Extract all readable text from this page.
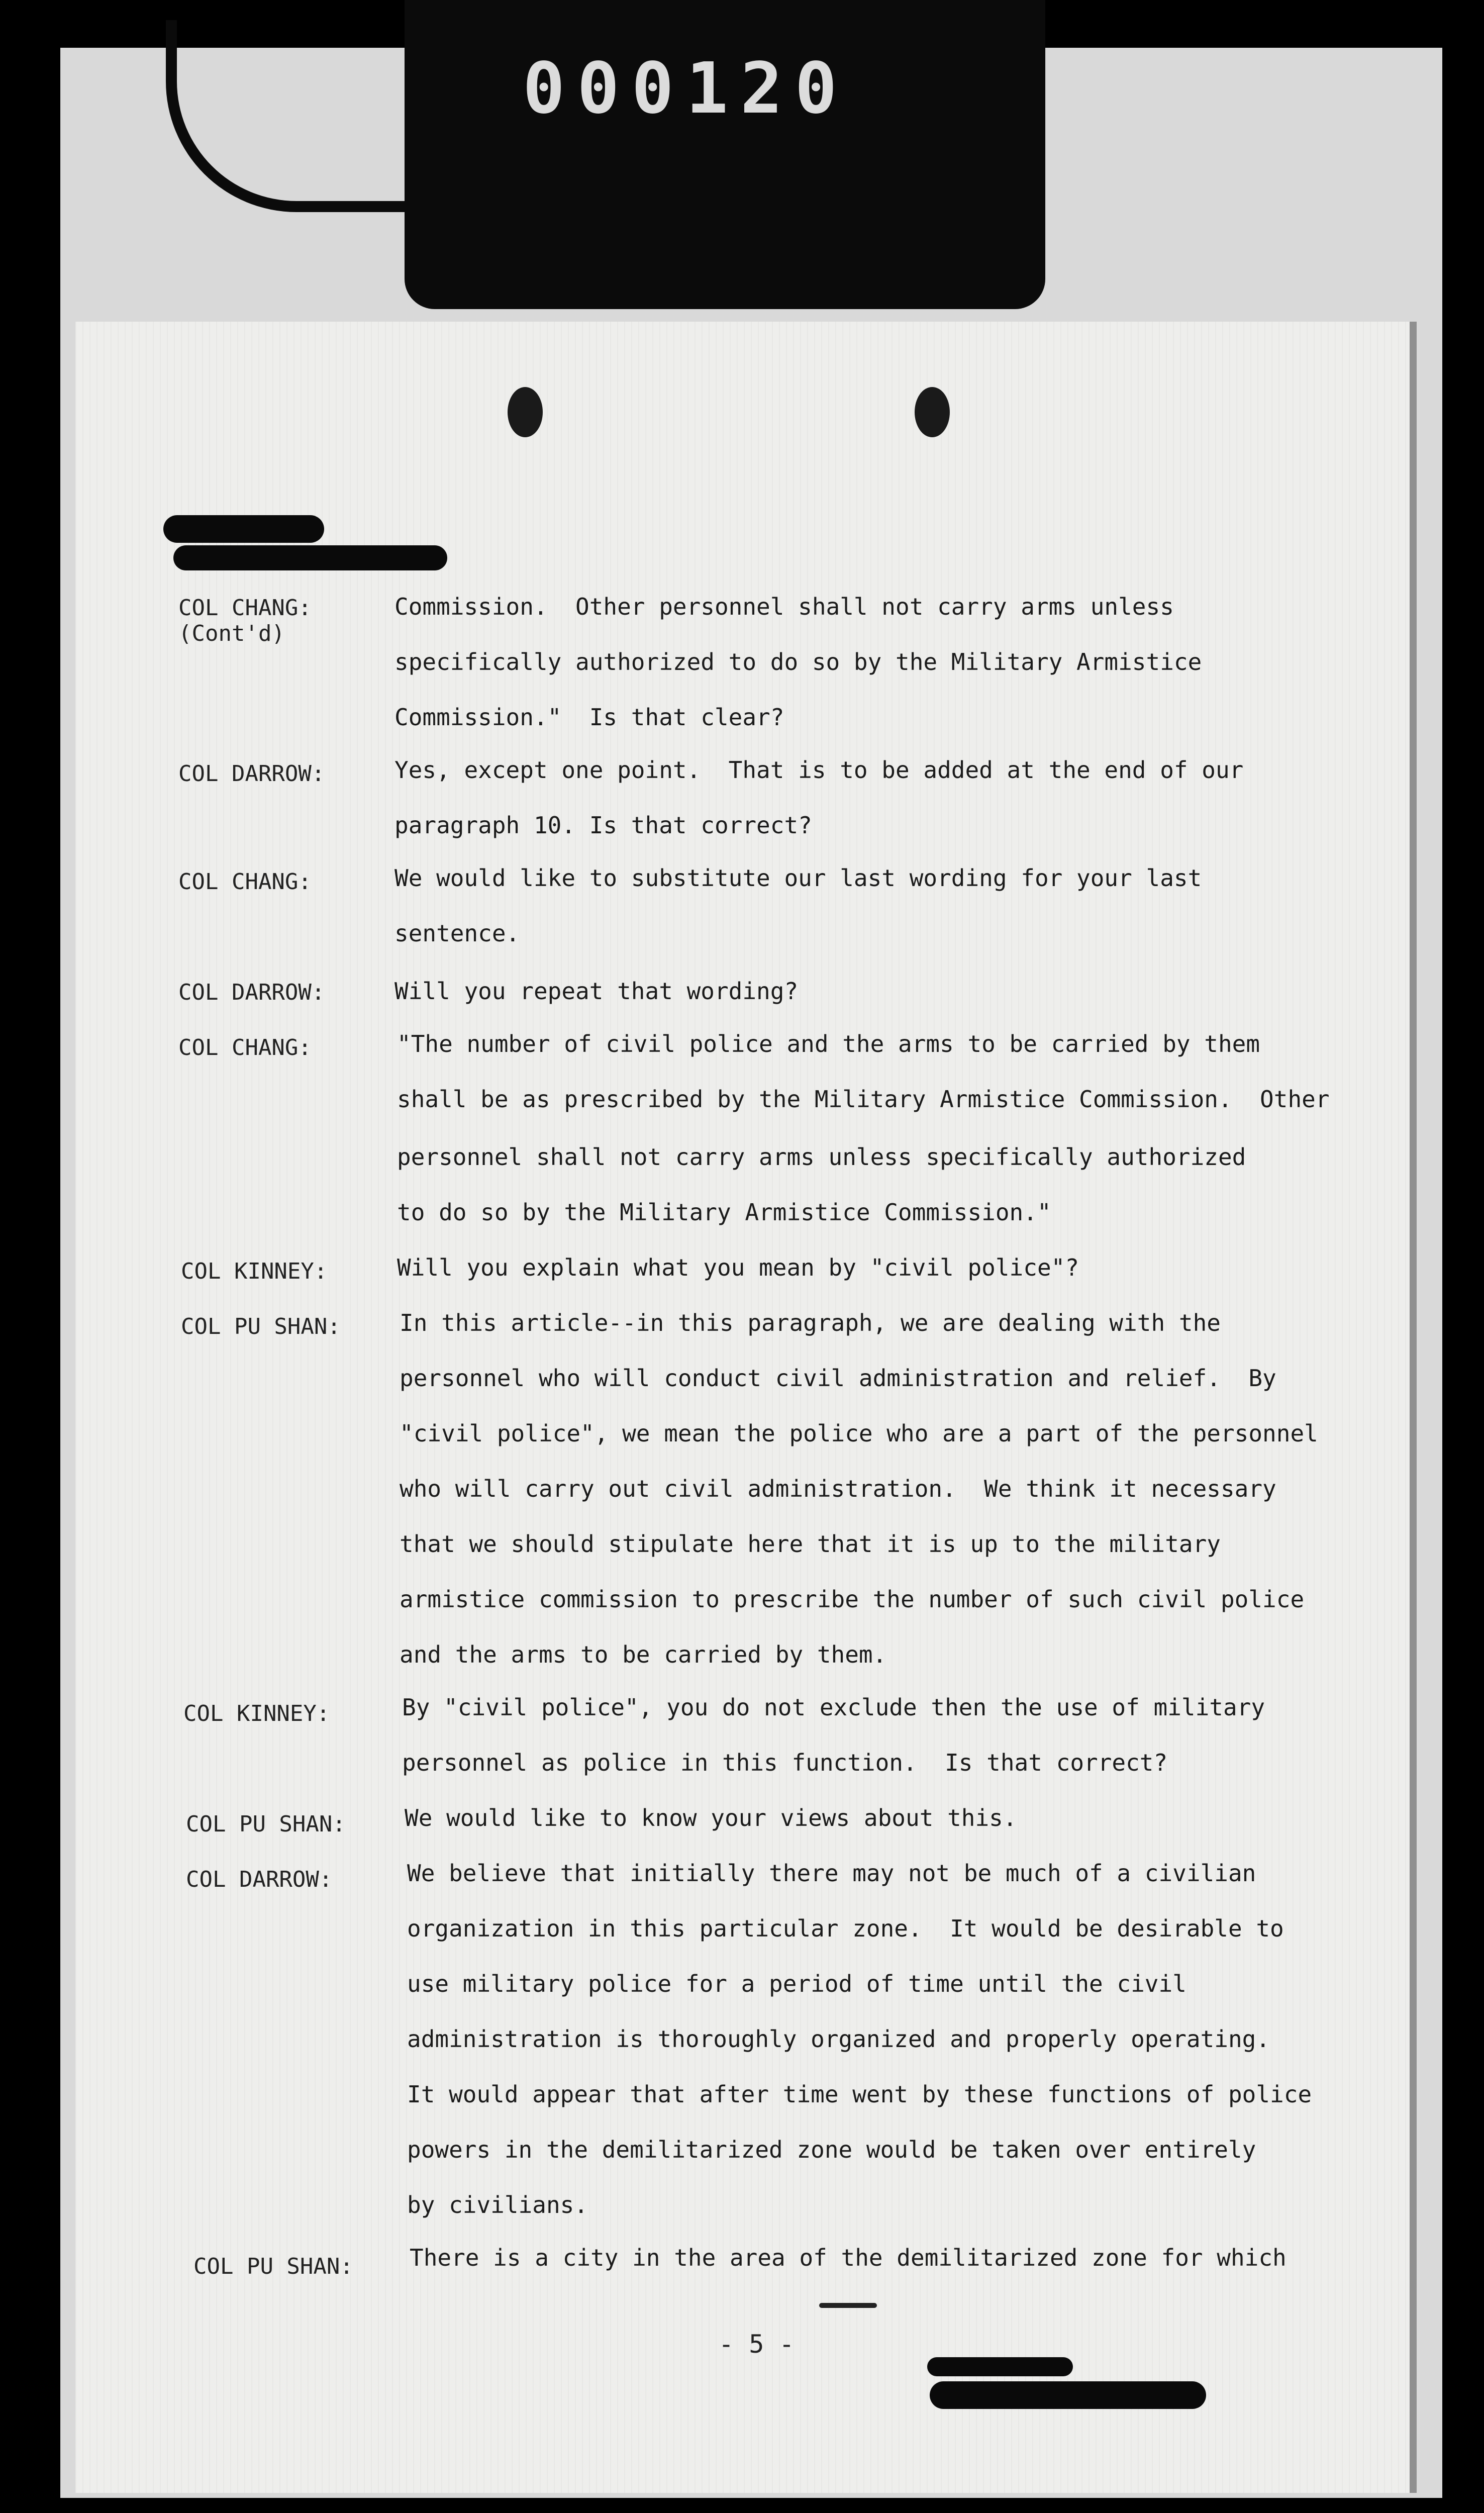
000120
COL CHANG:
(Cont'd)
Commission.  Other personnel shall not carry arms unless
specifically authorized to do so by the Military Armistice
Commission."  Is that clear?
COL DARROW:	Yes, except one point.  That is to be added at the end of our
paragraph 10. Is that correct?
COL CHANG:	We would like to substitute our last wording for your last
sentence.
COL DARROW:	Will you repeat that wording?
COL CHANG:	"The number of civil police and the arms to be carried by them
shall be as prescribed by the Military Armistice Commission.  Other
personnel shall not carry arms unless specifically authorized
to do so by the Military Armistice Commission."
COL KINNEY:	Will you explain what you mean by "civil police"?
COL PU SHAN:	In this article--in this paragraph, we are dealing with the
personnel who will conduct civil administration and relief.  By
"civil police", we mean the police who are a part of the personnel
who will carry out civil administration.  We think it necessary
that we should stipulate here that it is up to the military
armistice commission to prescribe the number of such civil police
and the arms to be carried by them.
COL KINNEY:	By "civil police", you do not exclude then the use of military
personnel as police in this function.  Is that correct?
COL PU SHAN:	We would like to know your views about this.
COL DARROW:	We believe that initially there may not be much of a civilian
organization in this particular zone.  It would be desirable to
use military police for a period of time until the civil
administration is thoroughly organized and properly operating.
It would appear that after time went by these functions of police
powers in the demilitarized zone would be taken over entirely
by civilians.
COL PU SHAN: There is a city in the area of the demilitarized zone for which
- 5 -
